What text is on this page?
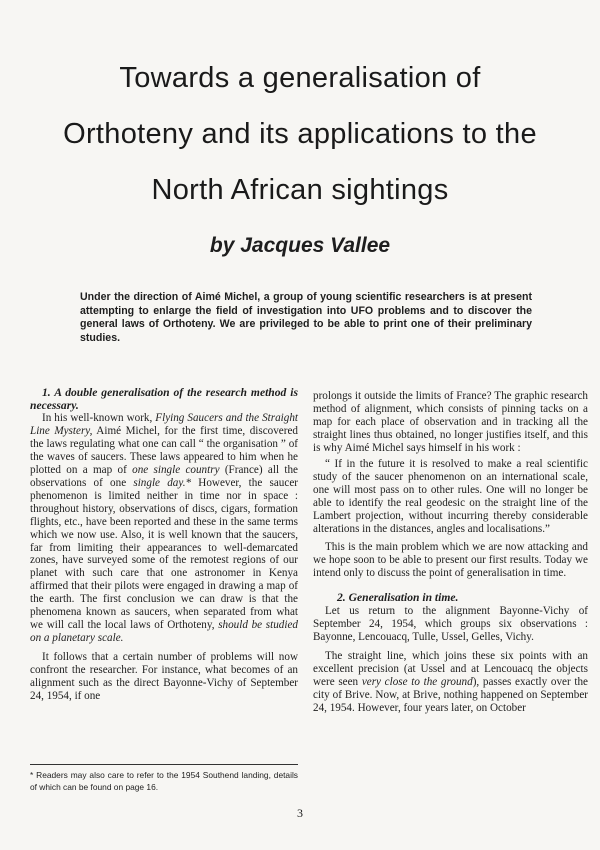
Towards a generalisation of
Orthoteny and its applications to the
North African sightings
by Jacques Vallee
Under the direction of Aimé Michel, a group of young scientific researchers is at present attempting to enlarge the field of investigation into UFO problems and to discover the general laws of Orthoteny. We are privileged to be able to print one of their preliminary studies.

1. A double generalisation of the research method is necessary.

In his well-known work, Flying Saucers and the Straight Line Mystery, Aimé Michel, for the first time, discovered the laws regulating what one can call “ the organisation ” of the waves of saucers. These laws appeared to him when he plotted on a map of one single country (France) all the observations of one single day.* However, the saucer phenomenon is limited neither in time nor in space : throughout history, observations of discs, cigars, formation flights, etc., have been reported and these in the same terms which we now use. Also, it is well known that the saucers, far from limiting their appearances to well-demarcated zones, have surveyed some of the remotest regions of our planet with such care that one astronomer in Kenya affirmed that their pilots were engaged in drawing a map of the earth. The first conclusion we can draw is that the phenomena known as saucers, when separated from what we will call the local laws of Orthoteny, should be studied on a planetary scale.

It follows that a certain number of problems will now confront the researcher. For instance, what becomes of an alignment such as the direct Bayonne-Vichy of September 24, 1954, if one

* Readers may also care to refer to the 1954 Southend landing, details of which can be found on page 16.

prolongs it outside the limits of France? The graphic research method of alignment, which consists of pinning tacks on a map for each place of observation and in tracking all the straight lines thus obtained, no longer justifies itself, and this is why Aimé Michel says himself in his work :

“ If in the future it is resolved to make a real scientific study of the saucer phenomenon on an international scale, one will most pass on to other rules. One will no longer be able to identify the real geodesic on the straight line of the Lambert projection, without incurring thereby considerable alterations in the distances, angles and localisations.”

This is the main problem which we are now attacking and we hope soon to be able to present our first results. Today we intend only to discuss the point of generalisation in time.

2. Generalisation in time.

Let us return to the alignment Bayonne-Vichy of September 24, 1954, which groups six observations : Bayonne, Lencouacq, Tulle, Ussel, Gelles, Vichy.

The straight line, which joins these six points with an excellent precision (at Ussel and at Lencouacq the objects were seen very close to the ground), passes exactly over the city of Brive. Now, at Brive, nothing happened on September 24, 1954. However, four years later, on October

3
